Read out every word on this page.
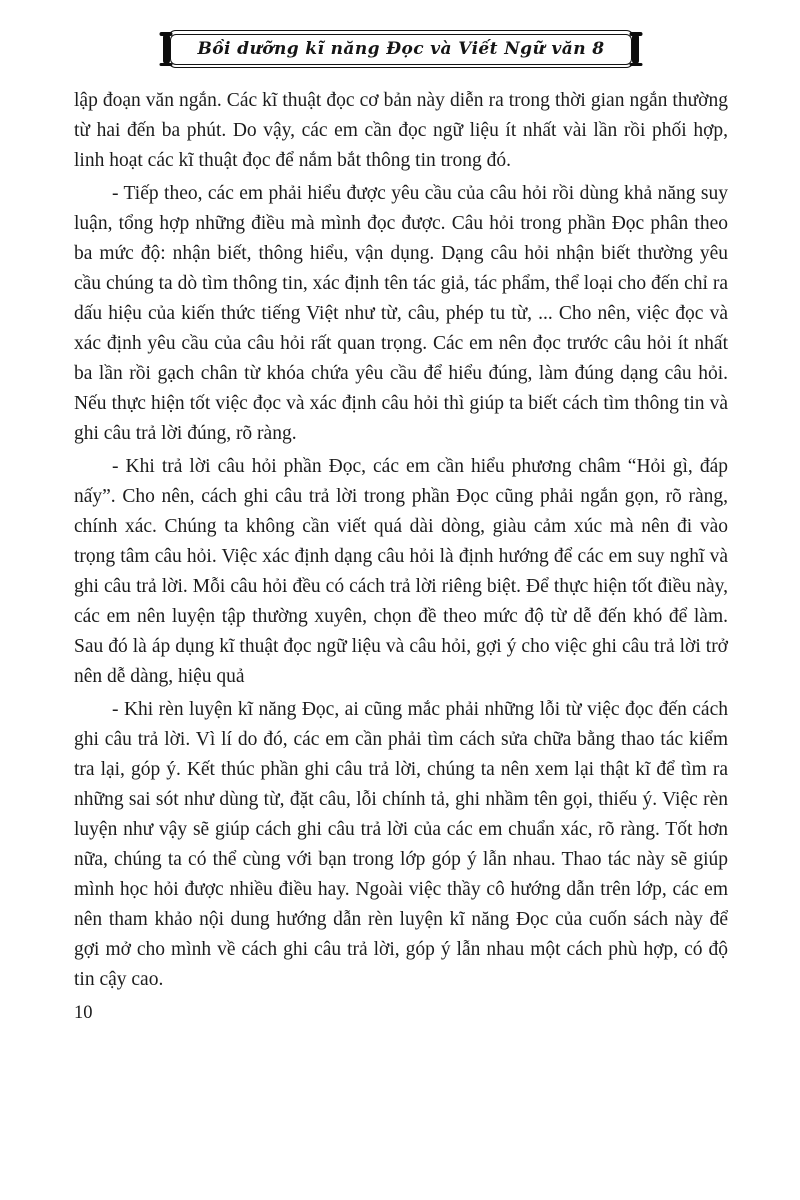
Bồi dưỡng kĩ năng Đọc và Viết Ngữ văn 8

lập đoạn văn ngắn. Các kĩ thuật đọc cơ bản này diễn ra trong thời gian ngắn thường từ hai đến ba phút. Do vậy, các em cần đọc ngữ liệu ít nhất vài lần rồi phối hợp, linh hoạt các kĩ thuật đọc để nắm bắt thông tin trong đó.

- Tiếp theo, các em phải hiểu được yêu cầu của câu hỏi rồi dùng khả năng suy luận, tổng hợp những điều mà mình đọc được. Câu hỏi trong phần Đọc phân theo ba mức độ: nhận biết, thông hiểu, vận dụng. Dạng câu hỏi nhận biết thường yêu cầu chúng ta dò tìm thông tin, xác định tên tác giả, tác phẩm, thể loại cho đến chỉ ra dấu hiệu của kiến thức tiếng Việt như từ, câu, phép tu từ, ... Cho nên, việc đọc và xác định yêu cầu của câu hỏi rất quan trọng. Các em nên đọc trước câu hỏi ít nhất ba lần rồi gạch chân từ khóa chứa yêu cầu để hiểu đúng, làm đúng dạng câu hỏi. Nếu thực hiện tốt việc đọc và xác định câu hỏi thì giúp ta biết cách tìm thông tin và ghi câu trả lời đúng, rõ ràng.

- Khi trả lời câu hỏi phần Đọc, các em cần hiểu phương châm “Hỏi gì, đáp nấy”. Cho nên, cách ghi câu trả lời trong phần Đọc cũng phải ngắn gọn, rõ ràng, chính xác. Chúng ta không cần viết quá dài dòng, giàu cảm xúc mà nên đi vào trọng tâm câu hỏi. Việc xác định dạng câu hỏi là định hướng để các em suy nghĩ và ghi câu trả lời. Mỗi câu hỏi đều có cách trả lời riêng biệt. Để thực hiện tốt điều này, các em nên luyện tập thường xuyên, chọn đề theo mức độ từ dễ đến khó để làm. Sau đó là áp dụng kĩ thuật đọc ngữ liệu và câu hỏi, gợi ý cho việc ghi câu trả lời trở nên dễ dàng, hiệu quả

- Khi rèn luyện kĩ năng Đọc, ai cũng mắc phải những lỗi từ việc đọc đến cách ghi câu trả lời. Vì lí do đó, các em cần phải tìm cách sửa chữa bằng thao tác kiểm tra lại, góp ý. Kết thúc phần ghi câu trả lời, chúng ta nên xem lại thật kĩ để tìm ra những sai sót như dùng từ, đặt câu, lỗi chính tả, ghi nhầm tên gọi, thiếu ý. Việc rèn luyện như vậy sẽ giúp cách ghi câu trả lời của các em chuẩn xác, rõ ràng. Tốt hơn nữa, chúng ta có thể cùng với bạn trong lớp góp ý lẫn nhau. Thao tác này sẽ giúp mình học hỏi được nhiều điều hay. Ngoài việc thầy cô hướng dẫn trên lớp, các em nên tham khảo nội dung hướng dẫn rèn luyện kĩ năng Đọc của cuốn sách này để gợi mở cho mình về cách ghi câu trả lời, góp ý lẫn nhau một cách phù hợp, có độ tin cậy cao.

10
